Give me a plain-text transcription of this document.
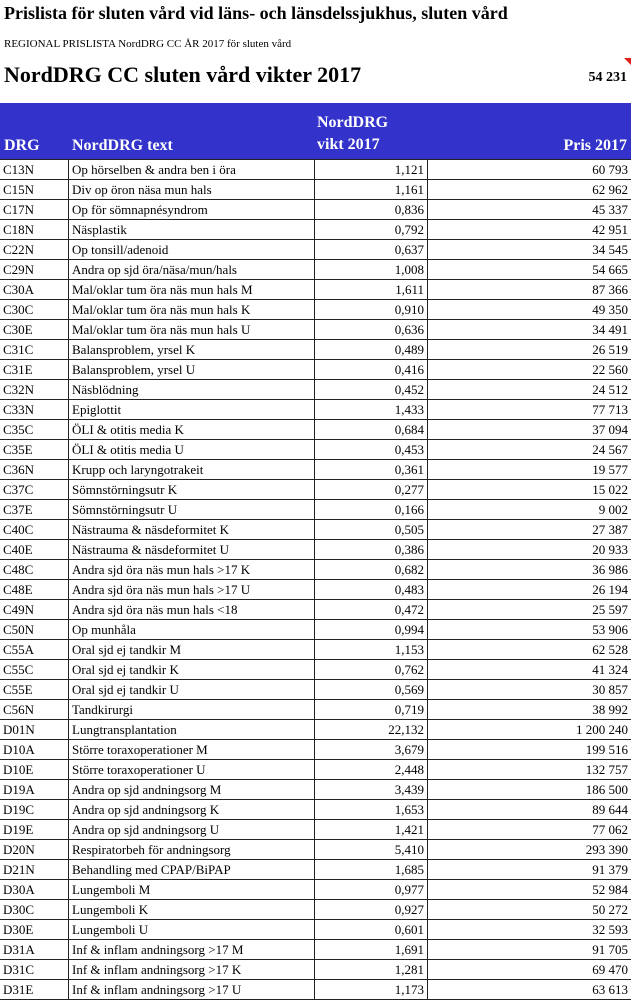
Prislista för sluten vård vid läns- och länsdelssjukhus, sluten vård
REGIONAL PRISLISTA NordDRG CC ÅR 2017 för sluten vård
NordDRG CC sluten vård vikter 2017	54 231
DRG NordDRG text
NordDRG
vikt 2017	Pris 2017
C13N	Op hörselben & andra ben i öra	1,121	60 793
C15N	Div op öron näsa mun hals	1,161	62 962
C17N	Op för sömnapnésyndrom	0,836	45 337
C18N	Näsplastik	0,792	42 951
C22N	Op tonsill/adenoid	0,637	34 545
C29N	Andra op sjd öra/näsa/mun/hals	1,008	54 665
C30A	Mal/oklar tum öra näs mun hals M	1,611	87 366
C30C	Mal/oklar tum öra näs mun hals K	0,910	49 350
C30E	Mal/oklar tum öra näs mun hals U	0,636	34 491
C31C	Balansproblem, yrsel K	0,489	26 519
C31E	Balansproblem, yrsel U	0,416	22 560
C32N	Näsblödning	0,452	24 512
C33N	Epiglottit	1,433	77 713
C35C	ÖLI & otitis media K	0,684	37 094
C35E	ÖLI & otitis media U	0,453	24 567
C36N	Krupp och laryngotrakeit	0,361	19 577
C37C	Sömnstörningsutr K	0,277	15 022
C37E	Sömnstörningsutr U	0,166	9 002
C40C	Nästrauma & näsdeformitet K	0,505	27 387
C40E	Nästrauma & näsdeformitet U	0,386	20 933
C48C	Andra sjd öra näs mun hals >17 K	0,682	36 986
C48E	Andra sjd öra näs mun hals >17 U	0,483	26 194
C49N	Andra sjd öra näs mun hals <18	0,472	25 597
C50N	Op munhåla	0,994	53 906
C55A	Oral sjd ej tandkir M	1,153	62 528
C55C	Oral sjd ej tandkir K	0,762	41 324
C55E	Oral sjd ej tandkir U	0,569	30 857
C56N	Tandkirurgi	0,719	38 992
D01N	Lungtransplantation	22,132	1 200 240
D10A	Större toraxoperationer M	3,679	199 516
D10E	Större toraxoperationer U	2,448	132 757
D19A	Andra op sjd andningsorg M	3,439	186 500
D19C	Andra op sjd andningsorg K	1,653	89 644
D19E	Andra op sjd andningsorg U	1,421	77 062
D20N	Respiratorbeh för andningsorg	5,410	293 390
D21N	Behandling med CPAP/BiPAP	1,685	91 379
D30A	Lungemboli M	0,977	52 984
D30C	Lungemboli K	0,927	50 272
D30E	Lungemboli U	0,601	32 593
D31A	Inf & inflam andningsorg >17 M	1,691	91 705
D31C	Inf & inflam andningsorg >17 K	1,281	69 470
D31E	Inf & inflam andningsorg >17 U	1,173	63 613
